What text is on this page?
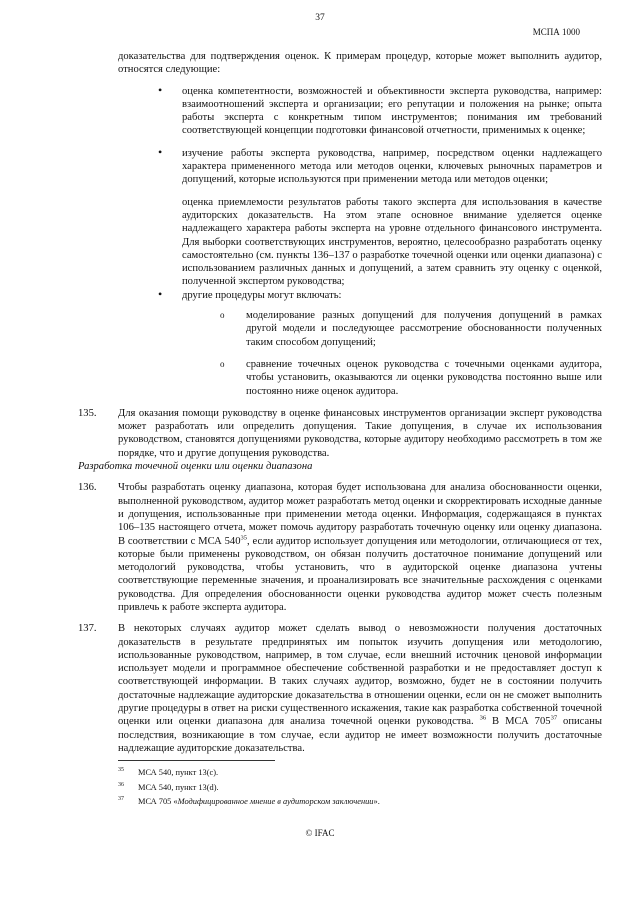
37
МСПА 1000

доказательства для подтверждения оценок. К примерам процедур, которые может выполнить аудитор, относятся следующие:

• оценка компетентности, возможностей и объективности эксперта руководства, например: взаимоотношений эксперта и организации; его репутации и положения на рынке; опыта работы эксперта с конкретным типом инструментов; понимания им требований соответствующей концепции подготовки финансовой отчетности, применимых к оценке;

• изучение работы эксперта руководства, например, посредством оценки надлежащего характера примененного метода или методов оценки, ключевых рыночных параметров и допущений, которые используются при применении метода или методов оценки;

оценка приемлемости результатов работы такого эксперта для использования в качестве аудиторских доказательств. На этом этапе основное внимание уделяется оценке надлежащего характера работы эксперта на уровне отдельного финансового инструмента. Для выборки соответствующих инструментов, вероятно, целесообразно разработать оценку самостоятельно (см. пункты 136–137 о разработке точечной оценки или оценки диапазона) с использованием различных данных и допущений, а затем сравнить эту оценку с оценкой, полученной экспертом руководства;

• другие процедуры могут включать:

o	моделирование разных допущений для получения допущений в рамках другой модели и последующее рассмотрение обоснованности полученных таким способом допущений;

o	сравнение точечных оценок руководства с точечными оценками аудитора, чтобы установить, оказываются ли оценки руководства постоянно выше или постоянно ниже оценок аудитора.

135. Для оказания помощи руководству в оценке финансовых инструментов организации эксперт руководства может разработать или определить допущения. Такие допущения, в случае их использования руководством, становятся допущениями руководства, которые аудитору необходимо рассмотреть в том же порядке, что и другие допущения руководства.

Разработка точечной оценки или оценки диапазона

136. Чтобы разработать оценку диапазона, которая будет использована для анализа обоснованности оценки, выполненной руководством, аудитор может разработать метод оценки и скорректировать исходные данные и допущения, использованные при применении метода оценки. Информация, содержащаяся в пунктах 106–135 настоящего отчета, может помочь аудитору разработать точечную оценку или оценку диапазона. В соответствии с МСА $540^{35}$, если аудитор использует допущения или методологии, отличающиеся от тех, которые были применены руководством, он обязан получить достаточное понимание допущений или методологий руководства, чтобы установить, что в аудиторской оценке диапазона учтены соответствующие переменные значения, и проанализировать все значительные расхождения с оценками руководства. Для определения обоснованности оценки руководства аудитор может счесть полезным привлечь к работе эксперта аудитора.

137. В некоторых случаях аудитор может сделать вывод о невозможности получения достаточных доказательств в результате предпринятых им попыток изучить допущения или методологию, использованные руководством, например, в том случае, если внешний источник ценовой информации использует модели и программное обеспечение собственной разработки и не предоставляет доступ к соответствующей информации. В таких случаях аудитор, возможно, будет не в состоянии получить достаточные надлежащие аудиторские доказательства в отношении оценки, если он не сможет выполнить другие процедуры в ответ на риски существенного искажения, такие как разработка собственной точечной оценки или оценки диапазона для анализа точечной оценки руководства. $^{36}$ В МСА $705^{37}$ описаны последствия, возникающие в том случае, если аудитор не имеет возможности получить достаточные надлежащие аудиторские доказательства.

35 МСА 540, пункт 13(с).
36 МСА 540, пункт 13(d).
37 МСА 705 «Модифицированное мнение в аудиторском заключении».
© IFAC
